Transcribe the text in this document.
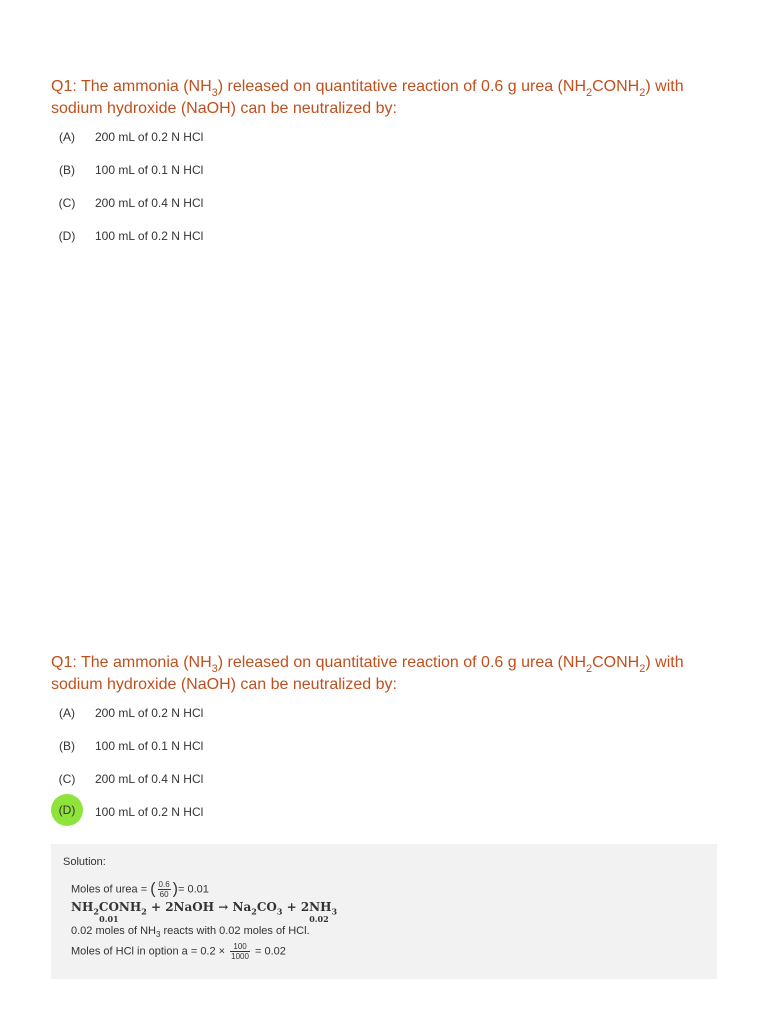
Q1: The ammonia $(NH_3)$ released on quantitative reaction of 0.6 g urea $(NH_2CONH_2)$ with sodium hydroxide (NaOH) can be neutralized by:

(A)	200 mL of 0.2 N HCl
(B)	100 mL of 0.1 N HCl
(C)	200 mL of 0.4 N HCl
(D)	100 mL of 0.2 N HCl

Q1: The ammonia $(NH_3)$ released on quantitative reaction of 0.6 g urea $(NH_2CONH_2)$ with sodium hydroxide (NaOH) can be neutralized by:

(A)	200 mL of 0.2 N HCl
(B)	100 mL of 0.1 N HCl
(C)	200 mL of 0.4 N HCl
(D)	100 mL of 0.2 N HCl
Solution:
Moles of urea = ( $\frac{0.6}{60}$ )= 0.01
$NH_2CONH_2$
0.01
+ 2NaOH → $Na_2CO_3 + 2NH_3$
0.02
0.02 moles of $NH_3$ reacts with 0.02 moles of HCl.
Moles of HCl in option $a = 0.2 \times \frac{100}{1000} = 0.02$
